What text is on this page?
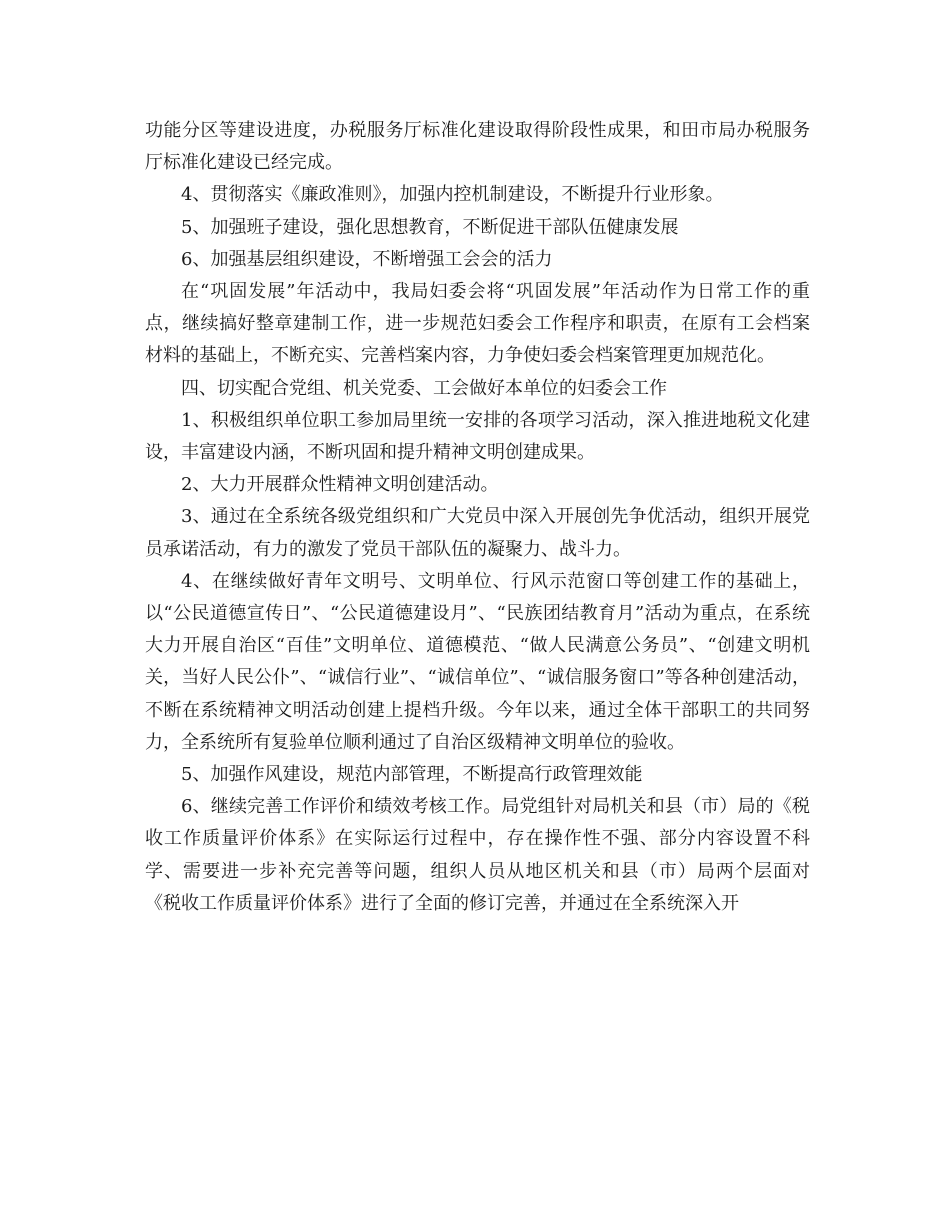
功能分区等建设进度，办税服务厅标准化建设取得阶段性成果，和田市局办税服务厅标准化建设已经完成。

4、贯彻落实《廉政准则》，加强内控机制建设，不断提升行业形象。

5、加强班子建设，强化思想教育，不断促进干部队伍健康发展

6、加强基层组织建设，不断增强工会会的活力

在“巩固发展”年活动中，我局妇委会将“巩固发展”年活动作为日常工作的重点，继续搞好整章建制工作，进一步规范妇委会工作程序和职责，在原有工会档案材料的基础上，不断充实、完善档案内容，力争使妇委会档案管理更加规范化。

四、切实配合党组、机关党委、工会做好本单位的妇委会工作

1、积极组织单位职工参加局里统一安排的各项学习活动，深入推进地税文化建设，丰富建设内涵，不断巩固和提升精神文明创建成果。

2、大力开展群众性精神文明创建活动。

3、通过在全系统各级党组织和广大党员中深入开展创先争优活动，组织开展党员承诺活动，有力的激发了党员干部队伍的凝聚力、战斗力。

4、在继续做好青年文明号、文明单位、行风示范窗口等创建工作的基础上，以“公民道德宣传日”、“公民道德建设月”、“民族团结教育月”活动为重点，在系统大力开展自治区“百佳”文明单位、道德模范、“做人民满意公务员”、“创建文明机关，当好人民公仆”、“诚信行业”、“诚信单位”、“诚信服务窗口”等各种创建活动，不断在系统精神文明活动创建上提档升级。今年以来，通过全体干部职工的共同努力，全系统所有复验单位顺利通过了自治区级精神文明单位的验收。

5、加强作风建设，规范内部管理，不断提高行政管理效能

6、继续完善工作评价和绩效考核工作。局党组针对局机关和县（市）局的《税收工作质量评价体系》在实际运行过程中，存在操作性不强、部分内容设置不科学、需要进一步补充完善等问题，组织人员从地区机关和县（市）局两个层面对《税收工作质量评价体系》进行了全面的修订完善，并通过在全系统深入开
